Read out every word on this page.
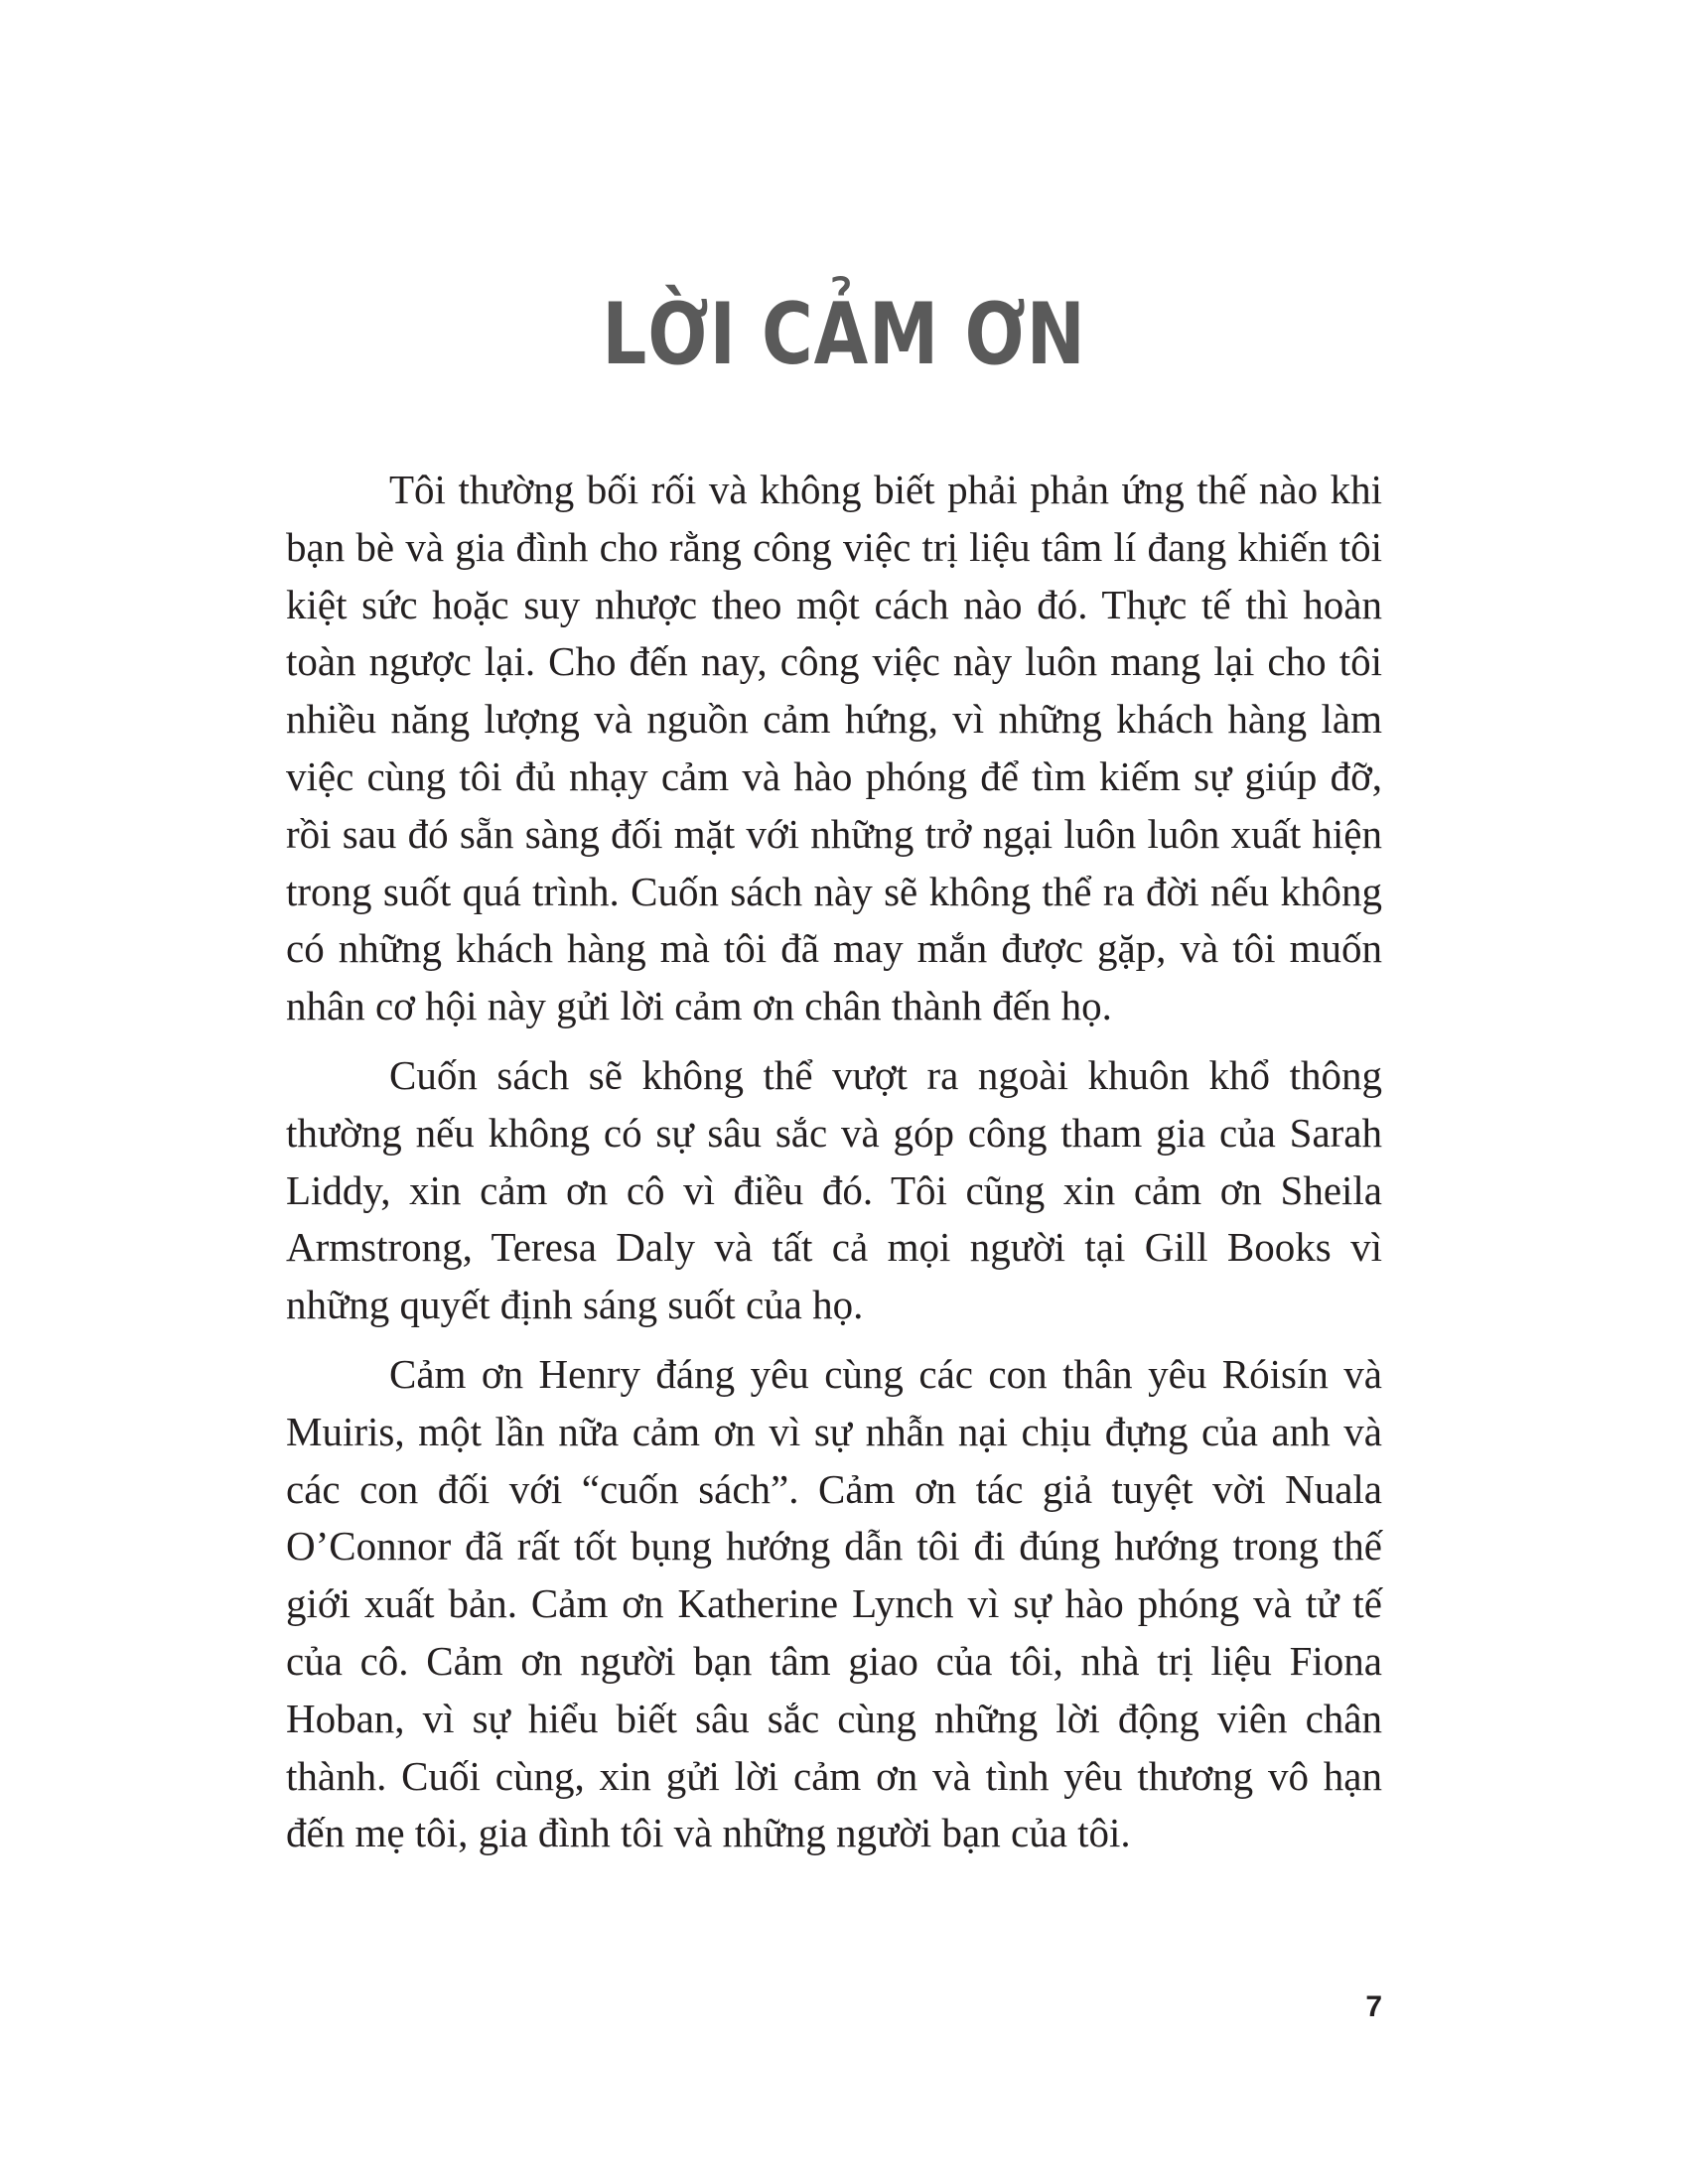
LỜI CẢM ƠN

Tôi thường bối rối và không biết phải phản ứng thế nào khi bạn bè và gia đình cho rằng công việc trị liệu tâm lí đang khiến tôi kiệt sức hoặc suy nhược theo một cách nào đó. Thực tế thì hoàn toàn ngược lại. Cho đến nay, công việc này luôn mang lại cho tôi nhiều năng lượng và nguồn cảm hứng, vì những khách hàng làm việc cùng tôi đủ nhạy cảm và hào phóng để tìm kiếm sự giúp đỡ, rồi sau đó sẵn sàng đối mặt với những trở ngại luôn luôn xuất hiện trong suốt quá trình. Cuốn sách này sẽ không thể ra đời nếu không có những khách hàng mà tôi đã may mắn được gặp, và tôi muốn nhân cơ hội này gửi lời cảm ơn chân thành đến họ.

Cuốn sách sẽ không thể vượt ra ngoài khuôn khổ thông thường nếu không có sự sâu sắc và góp công tham gia của Sarah Liddy, xin cảm ơn cô vì điều đó. Tôi cũng xin cảm ơn Sheila Armstrong, Teresa Daly và tất cả mọi người tại Gill Books vì những quyết định sáng suốt của họ.

Cảm ơn Henry đáng yêu cùng các con thân yêu Róisín và Muiris, một lần nữa cảm ơn vì sự nhẫn nại chịu đựng của anh và các con đối với “cuốn sách”. Cảm ơn tác giả tuyệt vời Nuala O’Connor đã rất tốt bụng hướng dẫn tôi đi đúng hướng trong thế giới xuất bản. Cảm ơn Katherine Lynch vì sự hào phóng và tử tế của cô. Cảm ơn người bạn tâm giao của tôi, nhà trị liệu Fiona Hoban, vì sự hiểu biết sâu sắc cùng những lời động viên chân thành. Cuối cùng, xin gửi lời cảm ơn và tình yêu thương vô hạn đến mẹ tôi, gia đình tôi và những người bạn của tôi.

7
